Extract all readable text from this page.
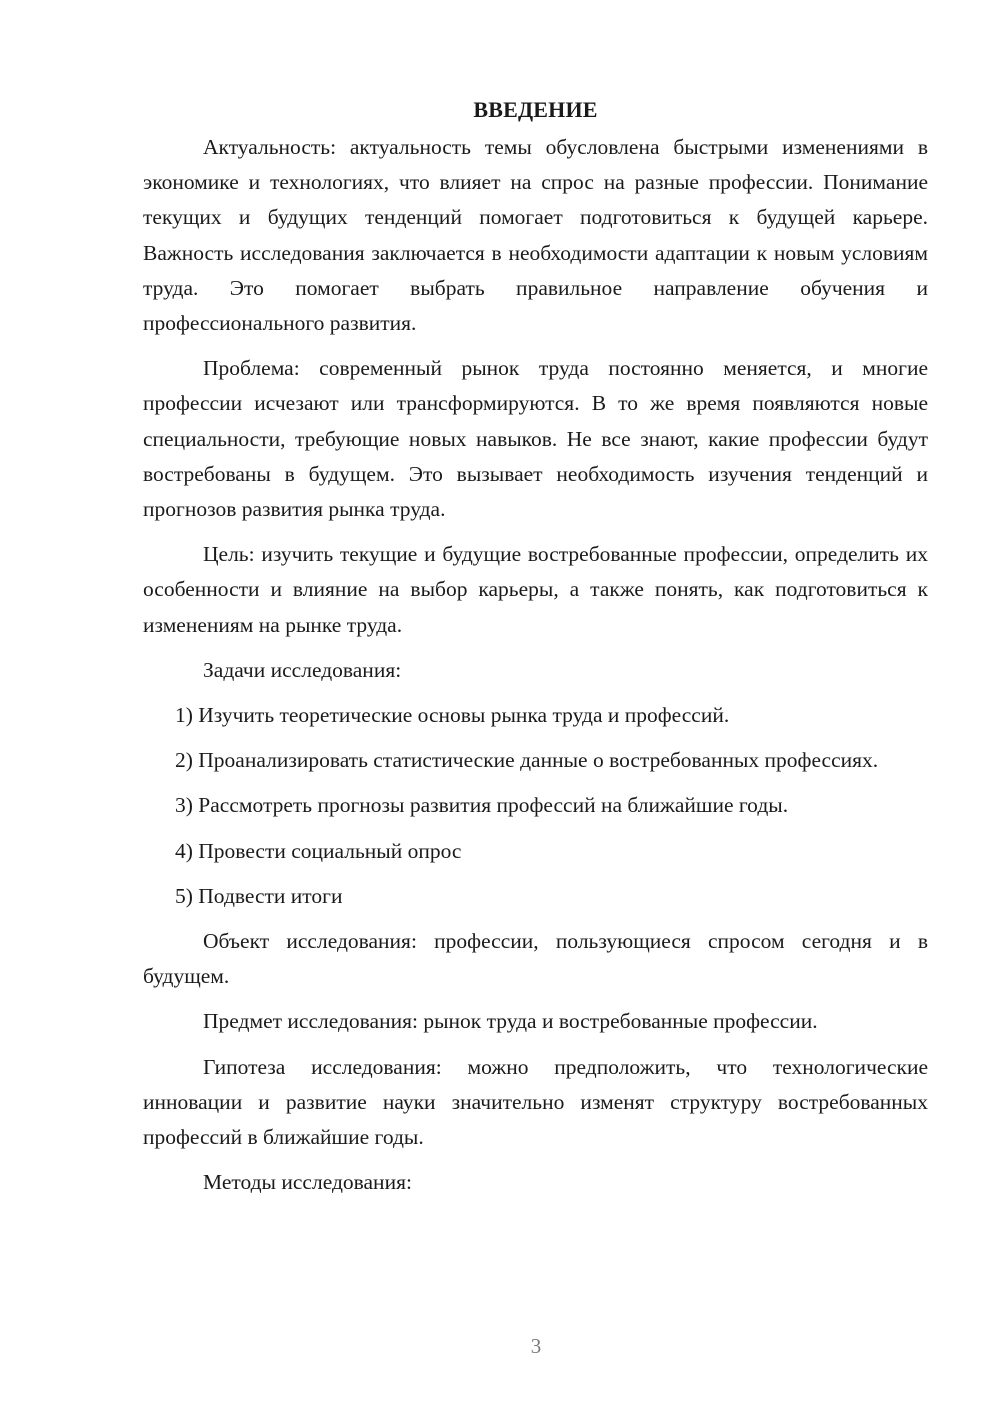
ВВЕДЕНИЕ

Актуальность: актуальность темы обусловлена быстрыми изменениями в экономике и технологиях, что влияет на спрос на разные профессии. Понимание текущих и будущих тенденций помогает подготовиться к будущей карьере. Важность исследования заключается в необходимости адаптации к новым условиям труда. Это помогает выбрать правильное направление обучения и профессионального развития.

Проблема: современный рынок труда постоянно меняется, и многие профессии исчезают или трансформируются. В то же время появляются новые специальности, требующие новых навыков. Не все знают, какие профессии будут востребованы в будущем. Это вызывает необходимость изучения тенденций и прогнозов развития рынка труда.

Цель: изучить текущие и будущие востребованные профессии, определить их особенности и влияние на выбор карьеры, а также понять, как подготовиться к изменениям на рынке труда.

Задачи исследования:

1) Изучить теоретические основы рынка труда и профессий.

2) Проанализировать статистические данные о востребованных профессиях.

3) Рассмотреть прогнозы развития профессий на ближайшие годы.

4) Провести социальный опрос

5) Подвести итоги

Объект исследования: профессии, пользующиеся спросом сегодня и в будущем.

Предмет исследования: рынок труда и востребованные профессии.

Гипотеза исследования: можно предположить, что технологические инновации и развитие науки значительно изменят структуру востребованных профессий в ближайшие годы.

Методы исследования:

3
